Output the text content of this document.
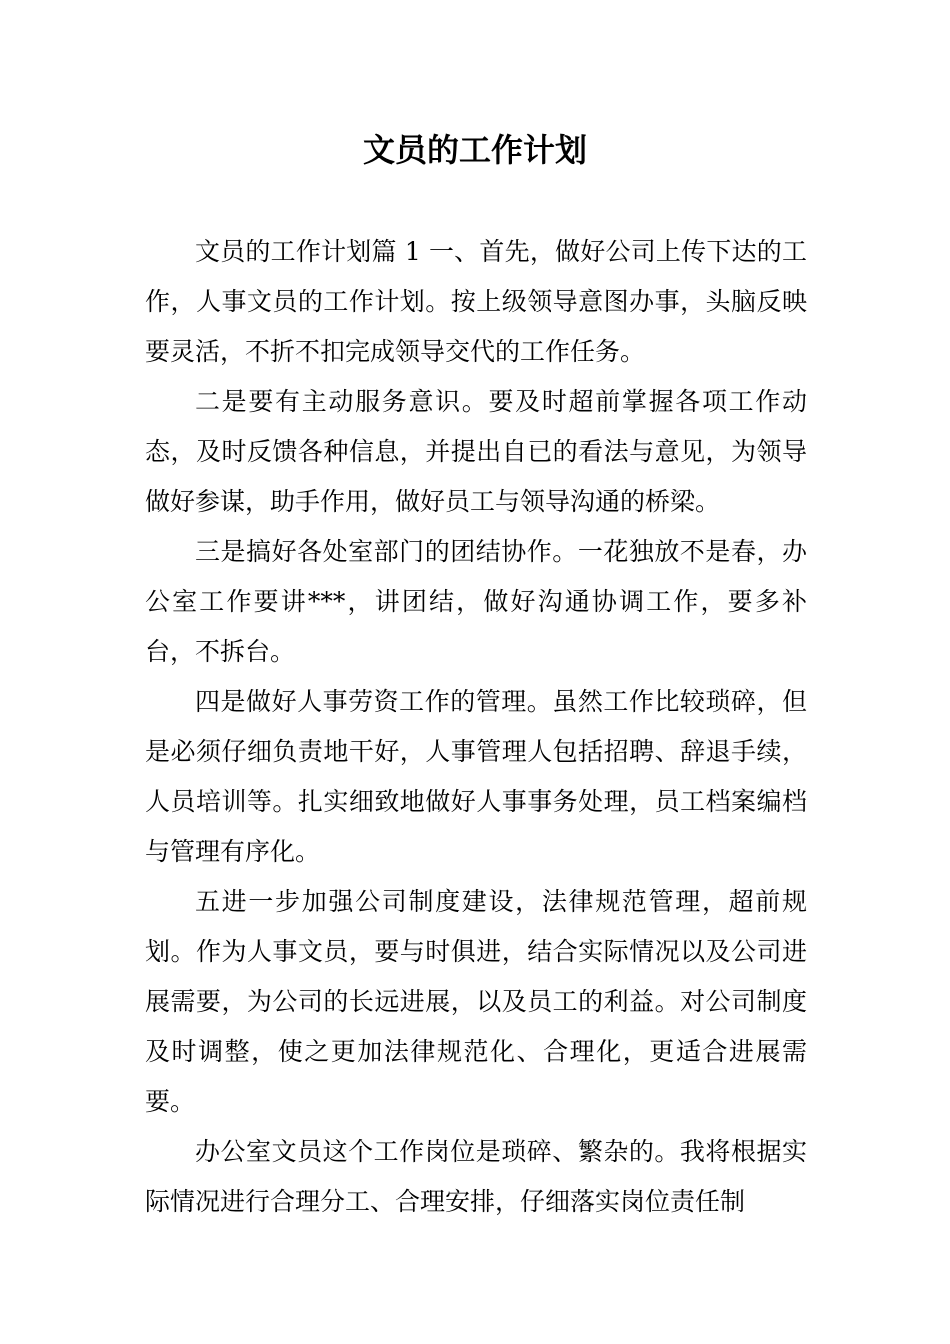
文员的工作计划

文员的工作计划篇 1 一、首先，做好公司上传下达的工作，人事文员的工作计划。按上级领导意图办事，头脑反映要灵活，不折不扣完成领导交代的工作任务。

二是要有主动服务意识。要及时超前掌握各项工作动态，及时反馈各种信息，并提出自已的看法与意见，为领导做好参谋，助手作用，做好员工与领导沟通的桥梁。

三是搞好各处室部门的团结协作。一花独放不是春，办公室工作要讲***，讲团结，做好沟通协调工作，要多补台，不拆台。

四是做好人事劳资工作的管理。虽然工作比较琐碎，但是必须仔细负责地干好，人事管理人包括招聘、辞退手续，人员培训等。扎实细致地做好人事事务处理，员工档案编档与管理有序化。

五进一步加强公司制度建设，法律规范管理，超前规划。作为人事文员，要与时俱进，结合实际情况以及公司进展需要，为公司的长远进展，以及员工的利益。对公司制度及时调整，使之更加法律规范化、合理化，更适合进展需要。

办公室文员这个工作岗位是琐碎、繁杂的。我将根据实际情况进行合理分工、合理安排，仔细落实岗位责任制
